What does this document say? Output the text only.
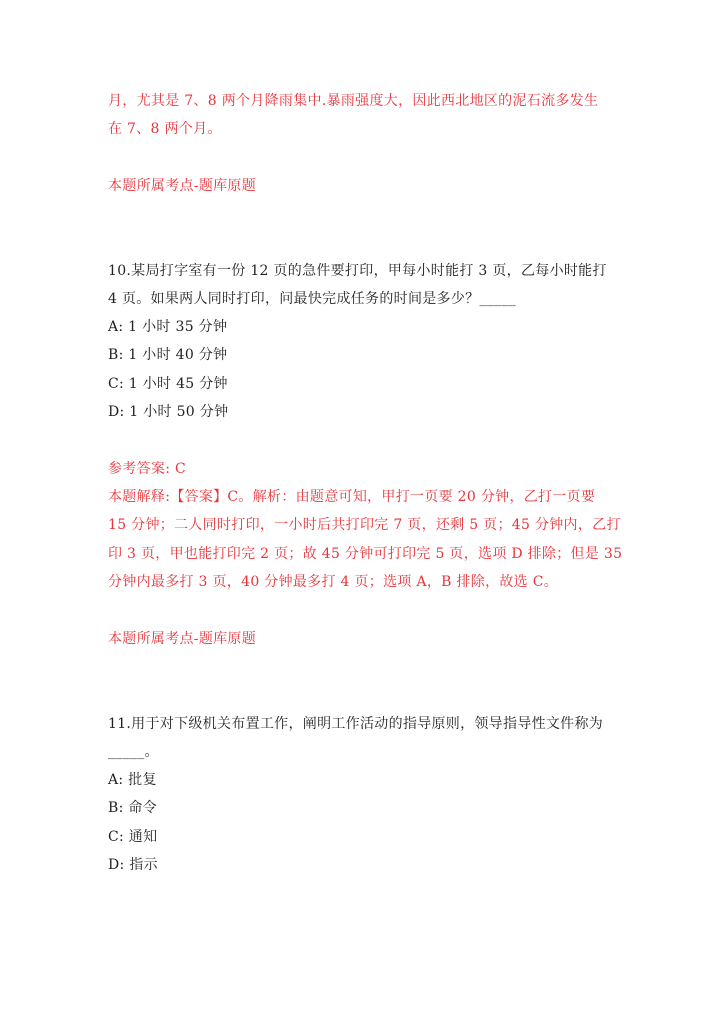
月，尤其是 7、8 两个月降雨集中.暴雨强度大，因此西北地区的泥石流多发生
在 7、8 两个月。
本题所属考点-题库原题
10.某局打字室有一份 12 页的急件要打印，甲每小时能打 3 页，乙每小时能打
4 页。如果两人同时打印，问最快完成任务的时间是多少？_____
A: 1 小时 35 分钟
B: 1 小时 40 分钟
C: 1 小时 45 分钟
D: 1 小时 50 分钟
参考答案: C
本题解释:【答案】C。解析：由题意可知，甲打一页要 20 分钟，乙打一页要
15 分钟；二人同时打印，一小时后共打印完 7 页，还剩 5 页；45 分钟内，乙打
印 3 页，甲也能打印完 2 页；故 45 分钟可打印完 5 页，选项 D 排除；但是 35
分钟内最多打 3 页，40 分钟最多打 4 页；选项 A，B 排除，故选 C。
本题所属考点-题库原题
11.用于对下级机关布置工作，阐明工作活动的指导原则，领导指导性文件称为
_____。
A: 批复
B: 命令
C: 通知
D: 指示
